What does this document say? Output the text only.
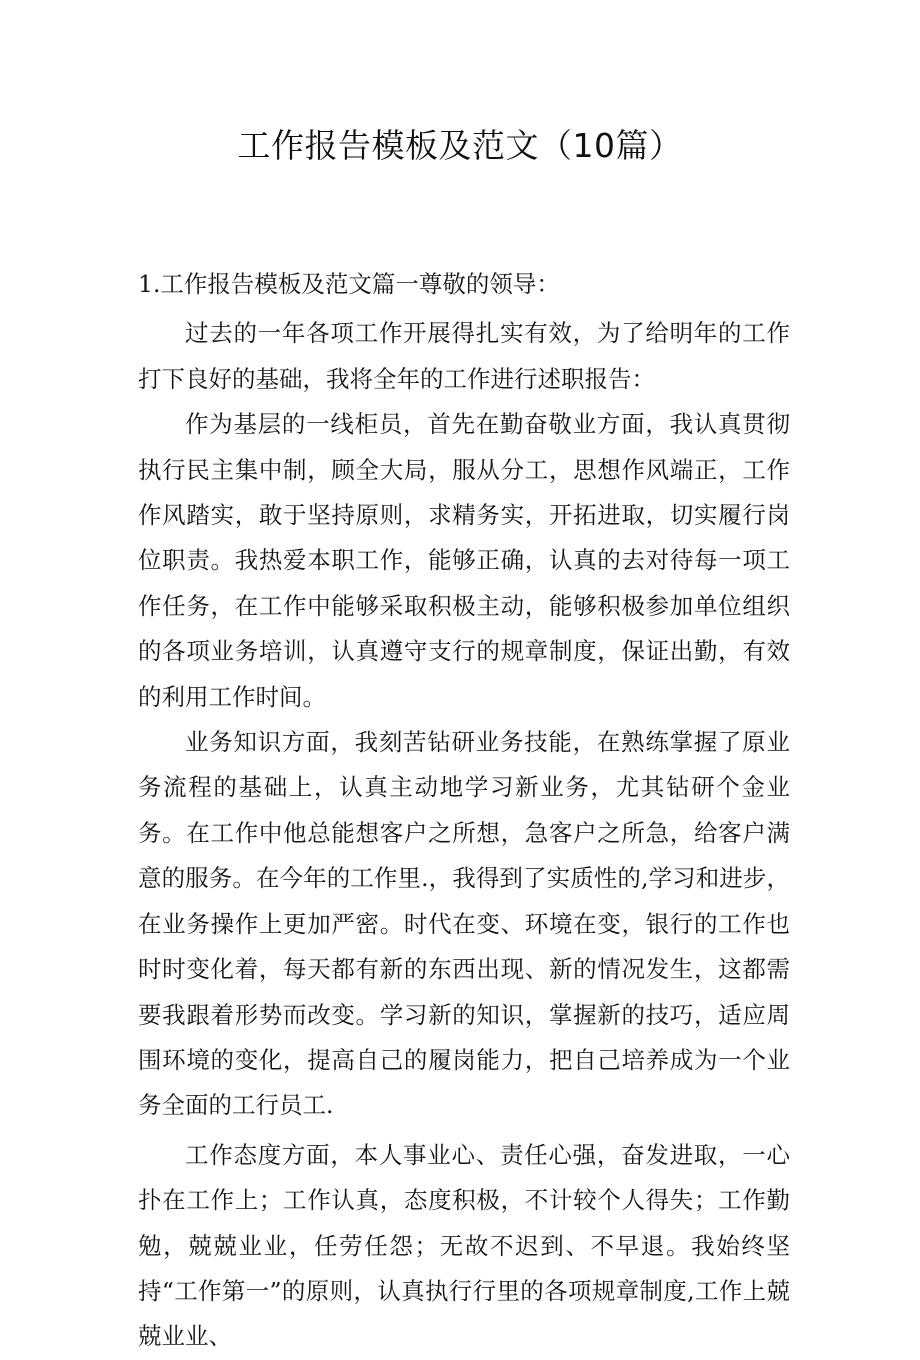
工作报告模板及范文（10篇）

1.工作报告模板及范文篇一尊敬的领导：

过去的一年各项工作开展得扎实有效，为了给明年的工作打下良好的基础，我将全年的工作进行述职报告：

作为基层的一线柜员，首先在勤奋敬业方面，我认真贯彻执行民主集中制，顾全大局，服从分工，思想作风端正，工作作风踏实，敢于坚持原则，求精务实，开拓进取，切实履行岗位职责。我热爱本职工作，能够正确，认真的去对待每一项工作任务，在工作中能够采取积极主动，能够积极参加单位组织的各项业务培训，认真遵守支行的规章制度，保证出勤，有效的利用工作时间。

业务知识方面，我刻苦钻研业务技能，在熟练掌握了原业务流程的基础上，认真主动地学习新业务，尤其钻研个金业务。在工作中他总能想客户之所想，急客户之所急，给客户满意的服务。在今年的工作里.，我得到了实质性的,学习和进步，在业务操作上更加严密。时代在变、环境在变，银行的工作也时时变化着，每天都有新的东西出现、新的情况发生，这都需要我跟着形势而改变。学习新的知识，掌握新的技巧，适应周围环境的变化，提高自己的履岗能力，把自己培养成为一个业务全面的工行员工.

工作态度方面，本人事业心、责任心强，奋发进取，一心扑在工作上；工作认真，态度积极，不计较个人得失；工作勤勉，兢兢业业，任劳任怨；无故不迟到、不早退。我始终坚持“工作第一”的原则，认真执行行里的各项规章制度,工作上兢兢业业、
